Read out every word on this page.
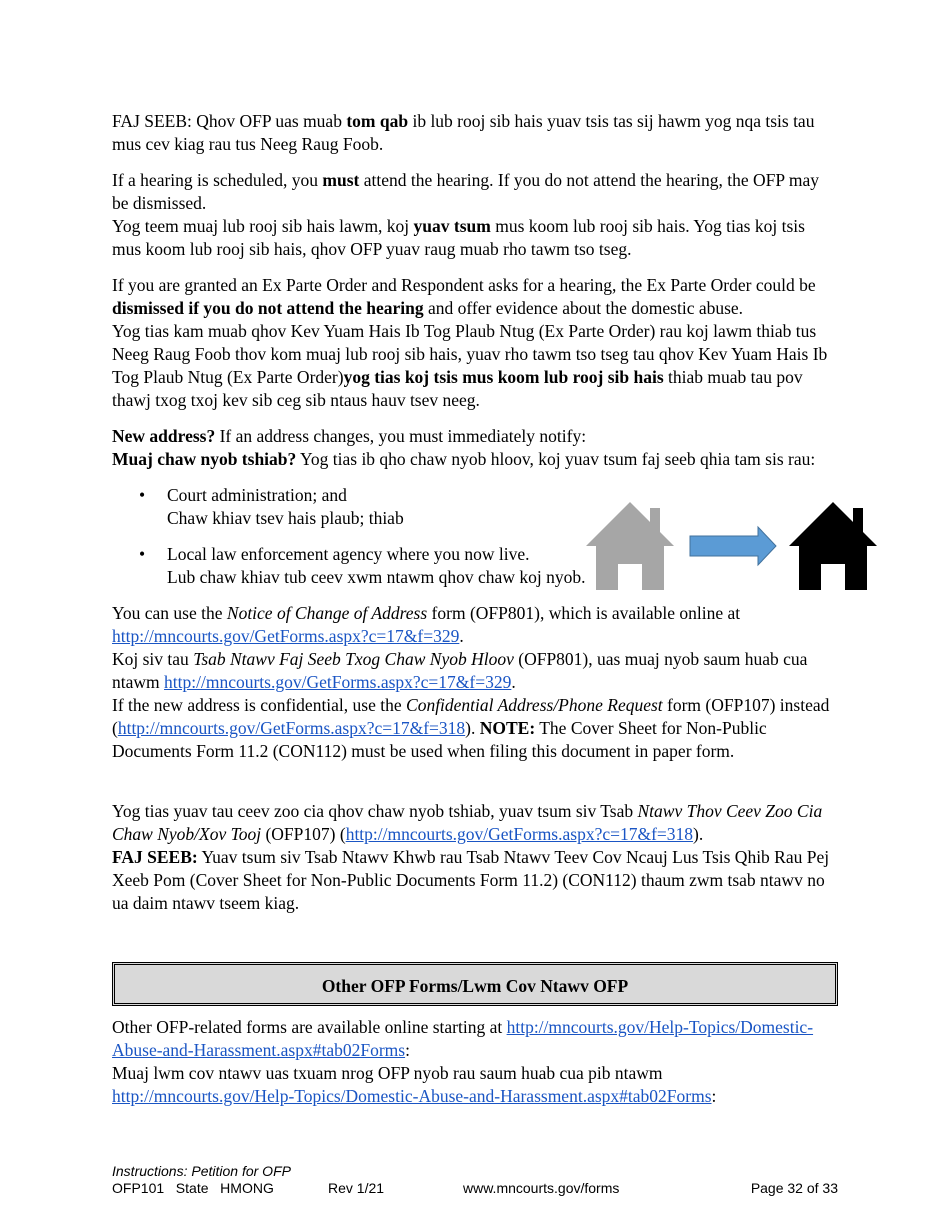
FAJ SEEB: Qhov OFP uas muab tom qab ib lub rooj sib hais yuav tsis tas sij hawm yog nqa tsis tau mus cev kiag rau tus Neeg Raug Foob.

If a hearing is scheduled, you must attend the hearing. If you do not attend the hearing, the OFP may be dismissed.

Yog teem muaj lub rooj sib hais lawm, koj yuav tsum mus koom lub rooj sib hais. Yog tias koj tsis mus koom lub rooj sib hais, qhov OFP yuav raug muab rho tawm tso tseg.

If you are granted an Ex Parte Order and Respondent asks for a hearing, the Ex Parte Order could be dismissed if you do not attend the hearing and offer evidence about the domestic abuse.

Yog tias kam muab qhov Kev Yuam Hais Ib Tog Plaub Ntug (Ex Parte Order) rau koj lawm thiab tus Neeg Raug Foob thov kom muaj lub rooj sib hais, yuav rho tawm tso tseg tau qhov Kev Yuam Hais Ib Tog Plaub Ntug (Ex Parte Order)yog tias koj tsis mus koom lub rooj sib hais thiab muab tau pov thawj txog txoj kev sib ceg sib ntaus hauv tsev neeg.

New address? If an address changes, you must immediately notify:

Muaj chaw nyob tshiab? Yog tias ib qho chaw nyob hloov, koj yuav tsum faj seeb qhia tam sis rau:

• Court administration; and
Chaw khiav tsev hais plaub; thiab
• Local law enforcement agency where you now live.
Lub chaw khiav tub ceev xwm ntawm qhov chaw koj nyob.

You can use the Notice of Change of Address form (OFP801), which is available online at http://mncourts.gov/GetForms.aspx?c=17&f=329.

Koj siv tau Tsab Ntawv Faj Seeb Txog Chaw Nyob Hloov (OFP801), uas muaj nyob saum huab cua ntawm http://mncourts.gov/GetForms.aspx?c=17&f=329.

If the new address is confidential, use the Confidential Address/Phone Request form (OFP107) instead (http://mncourts.gov/GetForms.aspx?c=17&f=318). NOTE: The Cover Sheet for Non-Public Documents Form 11.2 (CON112) must be used when filing this document in paper form.

Yog tias yuav tau ceev zoo cia qhov chaw nyob tshiab, yuav tsum siv Tsab Ntawv Thov Ceev Zoo Cia Chaw Nyob/Xov Tooj (OFP107) (http://mncourts.gov/GetForms.aspx?c=17&f=318).
FAJ SEEB: Yuav tsum siv Tsab Ntawv Khwb rau Tsab Ntawv Teev Cov Ncauj Lus Tsis Qhib Rau Pej Xeeb Pom (Cover Sheet for Non-Public Documents Form 11.2) (CON112) thaum zwm tsab ntawv no ua daim ntawv tseem kiag.

Other OFP Forms/Lwm Cov Ntawv OFP

Other OFP-related forms are available online starting at http://mncourts.gov/Help-Topics/Domestic-Abuse-and-Harassment.aspx#tab02Forms:

Muaj lwm cov ntawv uas txuam nrog OFP nyob rau saum huab cua pib ntawm http://mncourts.gov/Help-Topics/Domestic-Abuse-and-Harassment.aspx#tab02Forms:

Instructions: Petition for OFP
OFP101   State   HMONG	Rev 1/21	www.mncourts.gov/forms	Page 32 of 33
